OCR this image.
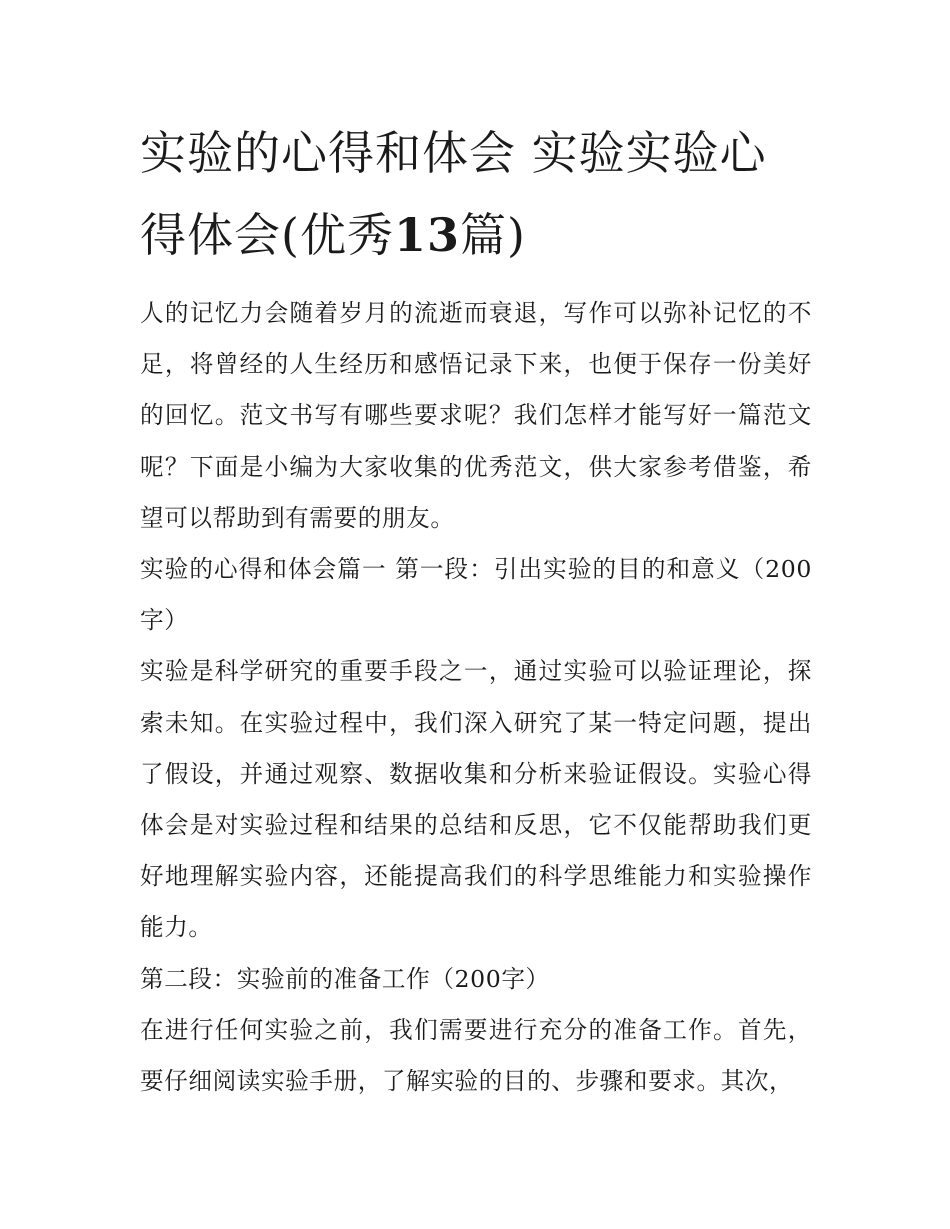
实验的心得和体会 实验实验心得体会(优秀13篇)

人的记忆力会随着岁月的流逝而衰退，写作可以弥补记忆的不足，将曾经的人生经历和感悟记录下来，也便于保存一份美好的回忆。范文书写有哪些要求呢？我们怎样才能写好一篇范文呢？下面是小编为大家收集的优秀范文，供大家参考借鉴，希望可以帮助到有需要的朋友。

实验的心得和体会篇一 第一段：引出实验的目的和意义（200字）

实验是科学研究的重要手段之一，通过实验可以验证理论，探索未知。在实验过程中，我们深入研究了某一特定问题，提出了假设，并通过观察、数据收集和分析来验证假设。实验心得体会是对实验过程和结果的总结和反思，它不仅能帮助我们更好地理解实验内容，还能提高我们的科学思维能力和实验操作能力。

第二段：实验前的准备工作（200字）

在进行任何实验之前，我们需要进行充分的准备工作。首先，要仔细阅读实验手册，了解实验的目的、步骤和要求。其次，
